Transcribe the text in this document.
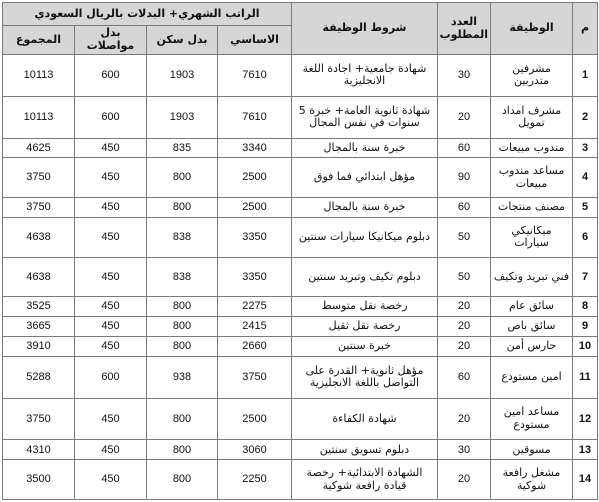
م	الوظيفة	العدد المطلوب	شروط الوظيفة	الراتب الشهري+ البدلات بالريال السعودي			
				الاساسي	بدل سكن	بدل مواصلات	المجموع
1	مشرفين متدربين	30	شهادة جامعية+ اجادة اللغة الانجليزية	7610	1903	600	10113
2	مشرف امداد تمويل	20	شهادة ثانوية العامة+ خبرة 5 سنوات في نفس المجال	7610	1903	600	10113
3	مندوب مبيعات	60	خبرة سنة بالمجال	3340	835	450	4625
4	مساعد مندوب مبيعات	90	مؤهل ابتدائي فما فوق	2500	800	450	3750
5	مصنف منتجات	60	خبرة سنة بالمجال	2500	800	450	3750
6	ميكانيكي سيارات	50	دبلوم ميكانيكا سيارات سنتين	3350	838	450	4638
7	فني تبريد وتكيف	50	دبلوم تكيف وتبريد سنتين	3350	838	450	4638
8	سائق عام	20	رخصة نقل متوسط	2275	800	450	3525
9	سائق باص	20	رخصة نقل ثقيل	2415	800	450	3665
10	حارس أمن	20	خبرة سنتين	2660	800	450	3910
11	امين مستودع	60	مؤهل ثانوية+ القدرة على التواصل باللغة الانجليزية	3750	938	600	5288
12	مساعد امين مستودع	20	شهادة الكفاءة	2500	800	450	3750
13	مسوقين	30	دبلوم تسويق سنتين	3060	800	450	4310
14	مشغل رافعة شوكية	20	الشهادة الابتدائية+ رخصة قيادة رافعة شوكية	2250	800	450	3500
